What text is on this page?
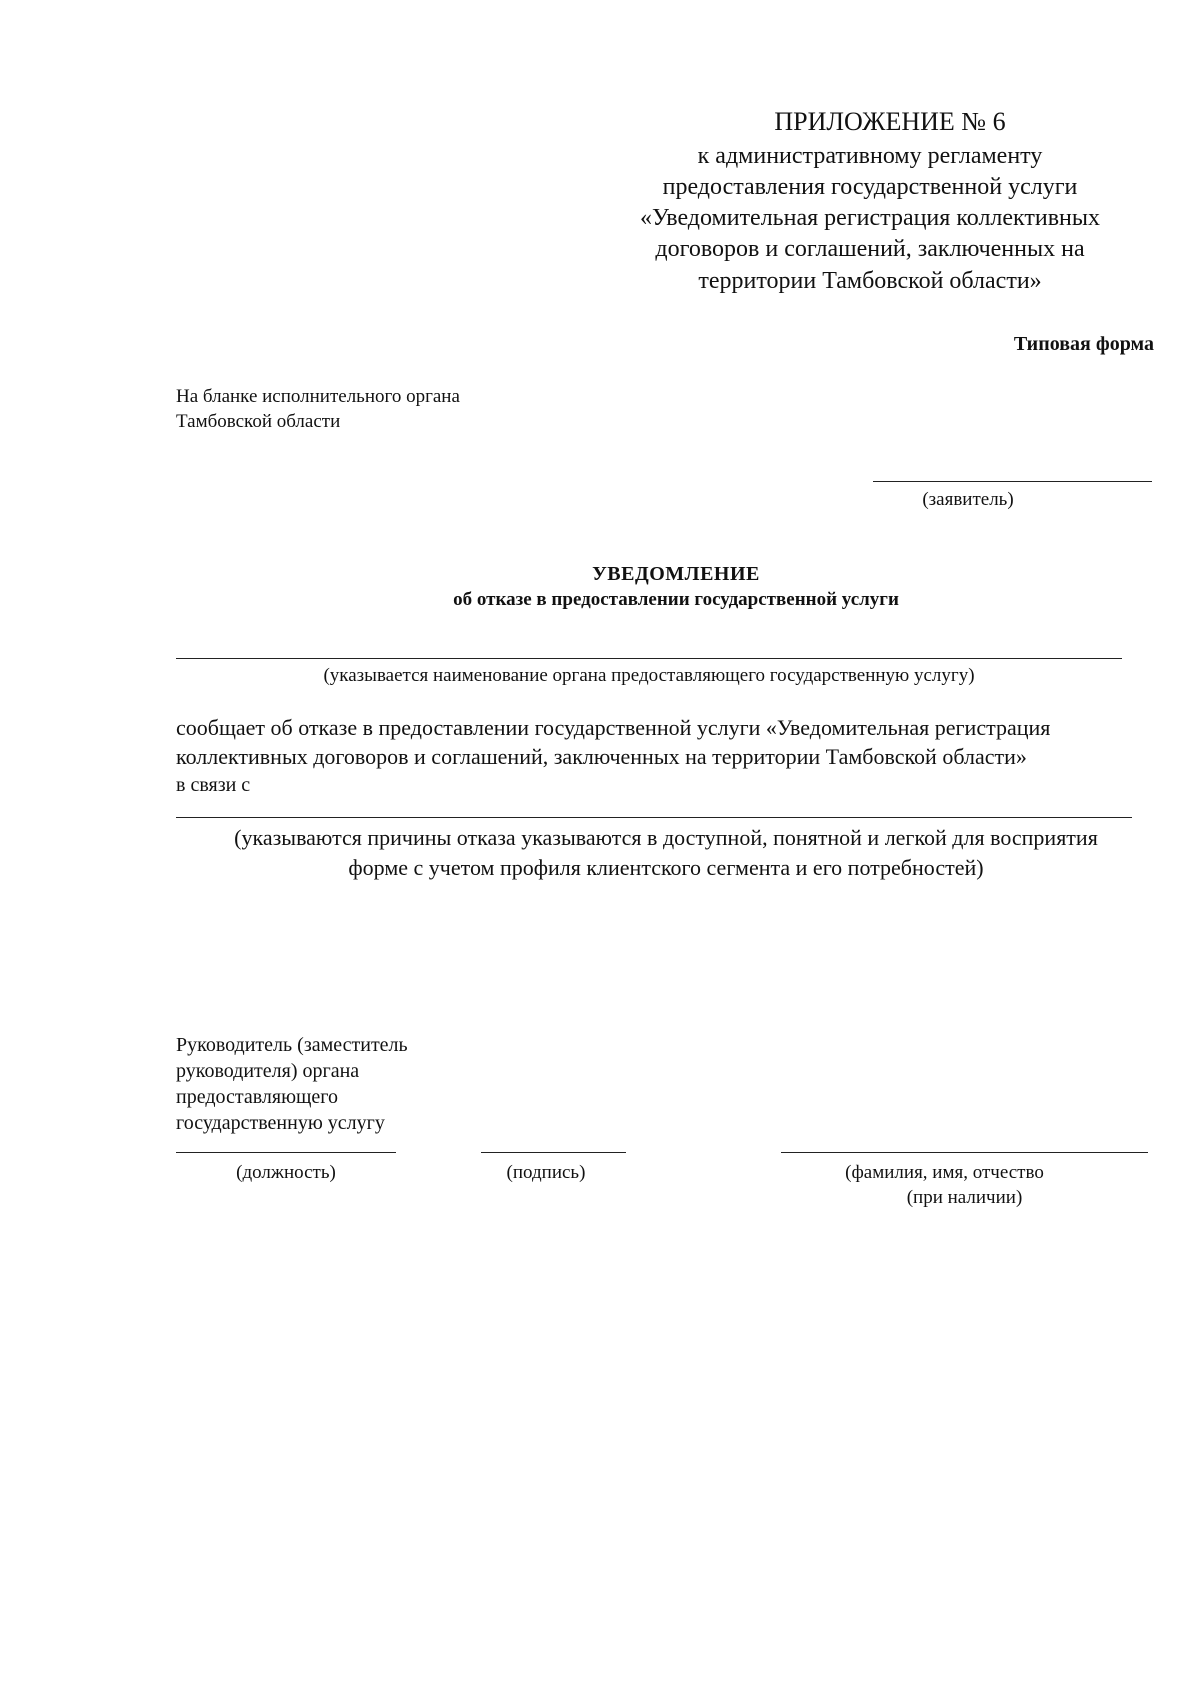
ПРИЛОЖЕНИЕ № 6
к административному регламенту
предоставления государственной услуги
«Уведомительная регистрация коллективных
договоров и соглашений, заключенных на
территории Тамбовской области»
Типовая форма
На бланке исполнительного органа
Тамбовской области
(заявитель)
УВЕДОМЛЕНИЕ
об отказе в предоставлении государственной услуги
(указывается наименование органа предоставляющего государственную услугу)
сообщает об отказе в предоставлении государственной услуги «Уведомительная регистрация
коллективных договоров и соглашений, заключенных на территории Тамбовской области»
в связи с
(указываются причины отказа указываются в доступной, понятной и легкой для восприятия
форме с учетом профиля клиентского сегмента и его потребностей)
Руководитель (заместитель
руководителя) органа
предоставляющего
государственную услугу
(должность)	(подпись)	(фамилия, имя, отчество
(при наличии)
